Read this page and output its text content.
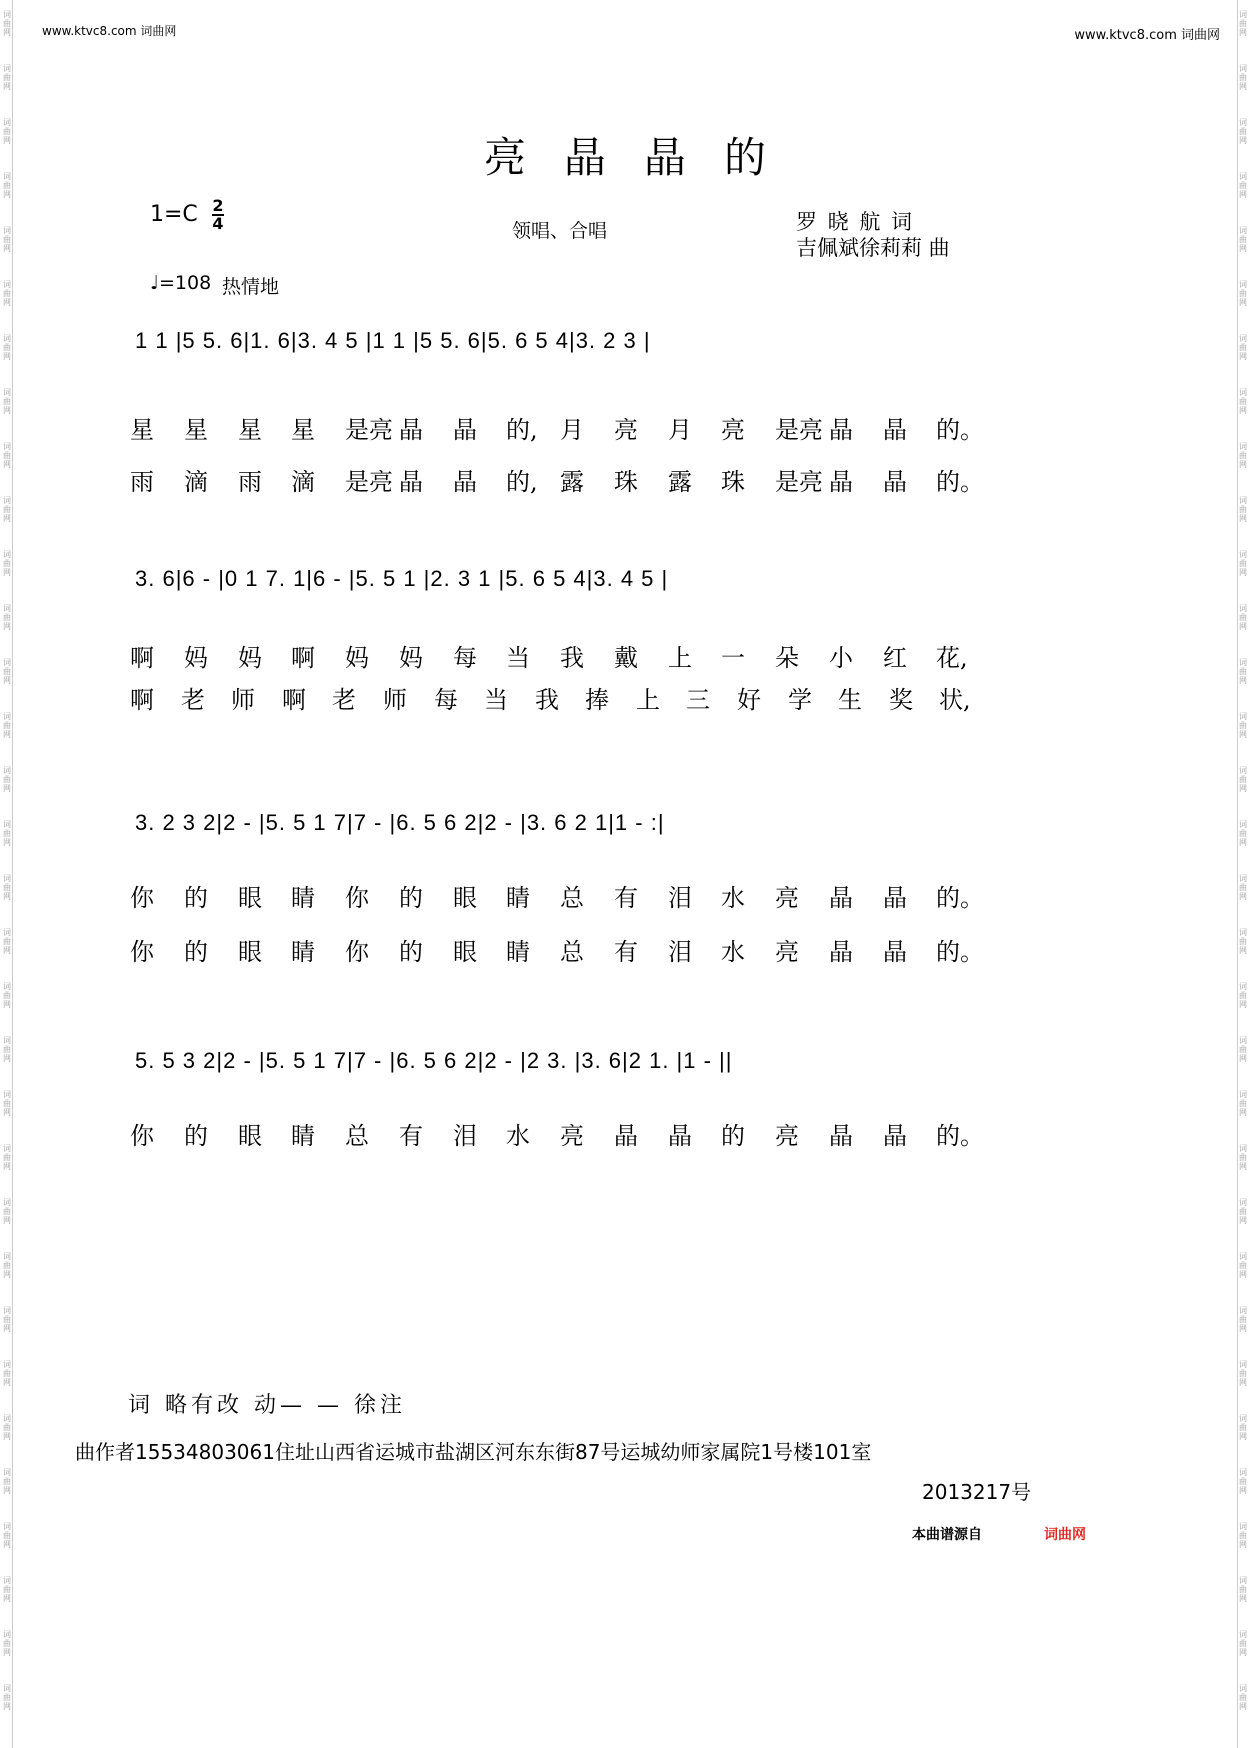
www.ktvc8.com 词曲网	www.ktvc8.com 词曲网
亮晶晶的
1=C 2
4	领唱、合唱	罗 晓 航 词
吉佩斌徐莉莉 曲
♩=108 热情地
1 1 |5 5. 6|1. 6|3. 4 5 |1 1 |5 5. 6|5. 6 5 4|3. 2 3 |
星 星 星 星 是亮 晶 晶 的, 月 亮 月 亮 是亮 晶 晶 的。
雨 滴 雨 滴 是亮 晶 晶 的, 露 珠 露 珠 是亮 晶 晶 的。
3. 6|6 - |0 1 7. 1|6 - |5. 5 1 |2. 3 1 |5. 6 5 4|3. 4 5 |
啊 妈 妈 啊 妈 妈 每 当 我 戴 上 一 朵 小 红 花,
啊 老 师 啊 老 师 每 当 我 捧 上 三 好 学 生 奖 状,
3. 2 3 2|2 - |5. 5 1 7|7 - |6. 5 6 2|2 - |3. 6 2 1|1 - :|
你 的 眼 睛 你 的 眼 睛 总 有 泪 水 亮 晶 晶 的。
你 的 眼 睛 你 的 眼 睛 总 有 泪 水 亮 晶 晶 的。
5. 5 3 2|2 - |5. 5 1 7|7 - |6. 5 6 2|2 - |2 3. |3. 6|2 1. |1 - ||
你 的 眼 睛 总 有 泪 水 亮 晶 晶 的 亮 晶 晶 的。
词 略有改 动— — 徐注
曲作者15534803061住址山西省运城市盐湖区河东东街87号运城幼师家属院1号楼101室
2013217号
本曲谱源自	词曲网
词
曲
网
词
曲
网
词
曲
网
词
曲
网
词
曲
网
词
曲
网
词
曲
网
词
曲
网
词
曲
网
词
曲
网
词
曲
网
词
曲
网
词
曲
网
词
曲
网
词
曲
网
词
曲
网
词
曲
网
词
曲
网
词
曲
网
词
曲
网
词
曲
网
词
曲
网
词
曲
网
词
曲
网
词
曲
网
词
曲
网
词
曲
网
词
曲
网
词
曲
网
词
曲
网
词
曲
网
词
曲
网
词
曲
网
词
曲
网
词
曲
网
词
曲
网
词
曲
网
词
曲
网
词
曲
网
词
曲
网
词
曲
网
词
曲
网
词
曲
网
词
曲
网
词
曲
网
词
曲
网
词
曲
网
词
曲
网
词
曲
网
词
曲
网
词
曲
网
词
曲
网
词
曲
网
词
曲
网
词
曲
网
词
曲
网
词
曲
网
词
曲
网
词
曲
网
词
曲
网
词
曲
网
词
曲
网
词
曲
网
词
曲
网
